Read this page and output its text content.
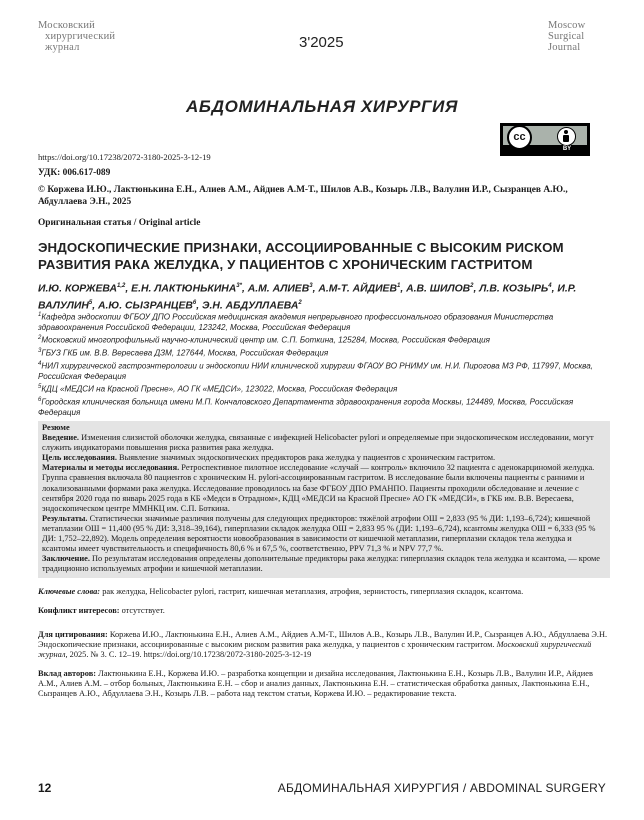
Московский
хирургический
журнал	3'2025
Moscow
Surgical
Journal
АБДОМИНАЛЬНАЯ ХИРУРГИЯ
https://doi.org/10.17238/2072-3180-2025-3-12-19
cc
BY
УДК: 006.617-089
© Коржева И.Ю., Лактюнькина Е.Н., Алиев А.М., Айдиев А.М-Т., Шилов А.В., Козырь Л.В., Валулин И.Р., Сызранцев А.Ю., Абдуллаева Э.Н., 2025
Оригинальная статья / Original article
ЭНДОСКОПИЧЕСКИЕ ПРИЗНАКИ, АССОЦИИРОВАННЫЕ С ВЫСОКИМ РИСКОМ РАЗВИТИЯ РАКА ЖЕЛУДКА, У ПАЦИЕНТОВ С ХРОНИЧЕСКИМ ГАСТРИТОМ
И.Ю. КОРЖЕВА$^{1,2}$, Е.Н. $ЛАКТЮНЬКИНА^{3*}$, А.М. АЛИЕВ$^3$, А.М-Т. АЙДИЕВ$^1$, А.В. ШИЛОВ$^2$, Л.В. КОЗЫРЬ$^4$, И.Р. ВАЛУЛИН$^5$, А.Ю. СЫЗРАНЦЕВ$^6$, Э.Н. АБДУЛЛАЕВА$^2$

$^1$Кафедра эндоскопии ФГБОУ ДПО Российская медицинская академия непрерывного профессионального образования Министерства здравоохранения Российской Федерации, 123242, Москва, Российская Федерация

$^2$Московский многопрофильный научно-клинический центр им. С.П. Боткина, 125284, Москва, Российская Федерация

$^3$ГБУЗ ГКБ им. В.В. Вересаева ДЗМ, 127644, Москва, Российская Федерация

$^4$НИЛ хирургической гастроэнтерологии и эндоскопии НИИ клинической хирургии ФГАОУ ВО РНИМУ им. Н.И. Пирогова МЗ РФ, 117997, Москва, Российская Федерация

$^5$КДЦ «МЕДСИ на Красной Пресне», АО ГК «МЕДСИ», 123022, Москва, Российская Федерация

$^6$Городская клиническая больница имени М.П. Кончаловского Департамента здравоохранения города Москвы, 124489, Москва, Российская Федерация

Резюме

Введение. Изменения слизистой оболочки желудка, связанные с инфекцией Helicobacter pylori и определяемые при эндоскопическом исследовании, могут служить индикаторами повышения риска развития рака желудка.

Цель исследования. Выявление значимых эндоскопических предикторов рака желудка у пациентов с хроническим гастритом.

Материалы и методы исследования. Ретроспективное пилотное исследование «случай — контроль» включило 32 пациента с аденокарциномой желудка. Группа сравнения включала 80 пациентов с хроническим H. pylori-ассоциированным гастритом. В исследование были включены пациенты с ранними и локализованными формами рака желудка. Исследование проводилось на базе ФГБОУ ДПО РМАНПО. Пациенты проходили обследование и лечение с сентября 2020 года по январь 2025 года в КБ «Медси в Отрадном», КДЦ «МЕДСИ на Красной Пресне» АО ГК «МЕДСИ», в ГКБ им. В.В. Вересаева, эндоскопическом центре ММНКЦ им. С.П. Боткина.

Результаты. Статистически значимые различия получены для следующих предикторов: тяжёлой атрофии ОШ = 2,833 (95 % ДИ: 1,193–6,724); кишечной метаплазии ОШ = 11,400 (95 % ДИ: 3,318–39,164), гиперплазии складок желудка ОШ = 2,833 95 % (ДИ: 1,193–6,724), ксантомы желудка ОШ = 6,333 (95 % ДИ: 1,752–22,892). Модель определения вероятности новообразования в зависимости от кишечной метаплазии, гиперплазии складок тела желудка и ксантомы имеет чувствительность и специфичность 80,6 % и 67,5 %, соответственно, PPV 71,3 % и NPV 77,7 %.

Заключение. По результатам исследования определены дополнительные предикторы рака желудка: гиперплазия складок тела желудка и ксантома, — кроме традиционно используемых атрофии и кишечной метаплазии.

Ключевые слова: рак желудка, Helicobacter pylori, гастрит, кишечная метаплазия, атрофия, зернистость, гиперплазия складок, ксантома.

Конфликт интересов: отсутствует.

Для цитирования: Коржева И.Ю., Лактюнькина Е.Н., Алиев А.М., Айдиев А.М-Т., Шилов А.В., Козырь Л.В., Валулин И.Р., Сызранцев А.Ю., Абдуллаева Э.Н. Эндоскопические признаки, ассоциированные с высоким риском развития рака желудка, у пациентов с хроническим гастритом. Московский хирургический журнал, 2025. № 3. С. 12–19. https://doi.org/10.17238/2072-3180-2025-3-12-19

Вклад авторов: Лактюнькина Е.Н., Коржева И.Ю. – разработка концепции и дизайна исследования, Лактюнькина Е.Н., Козырь Л.В., Валулин И.Р., Айдиев А.М., Алиев А.М. – отбор больных, Лактюнькина Е.Н. – сбор и анализ данных, Лактюнькина Е.Н. – статистическая обработка данных, Лактюнькина Е.Н., Сызранцев А.Ю., Абдуллаева Э.Н., Козырь Л.В. – работа над текстом статьи, Коржева И.Ю. – редактирование текста.

12	АБДОМИНАЛЬНАЯ ХИРУРГИЯ / ABDOMINAL SURGERY
